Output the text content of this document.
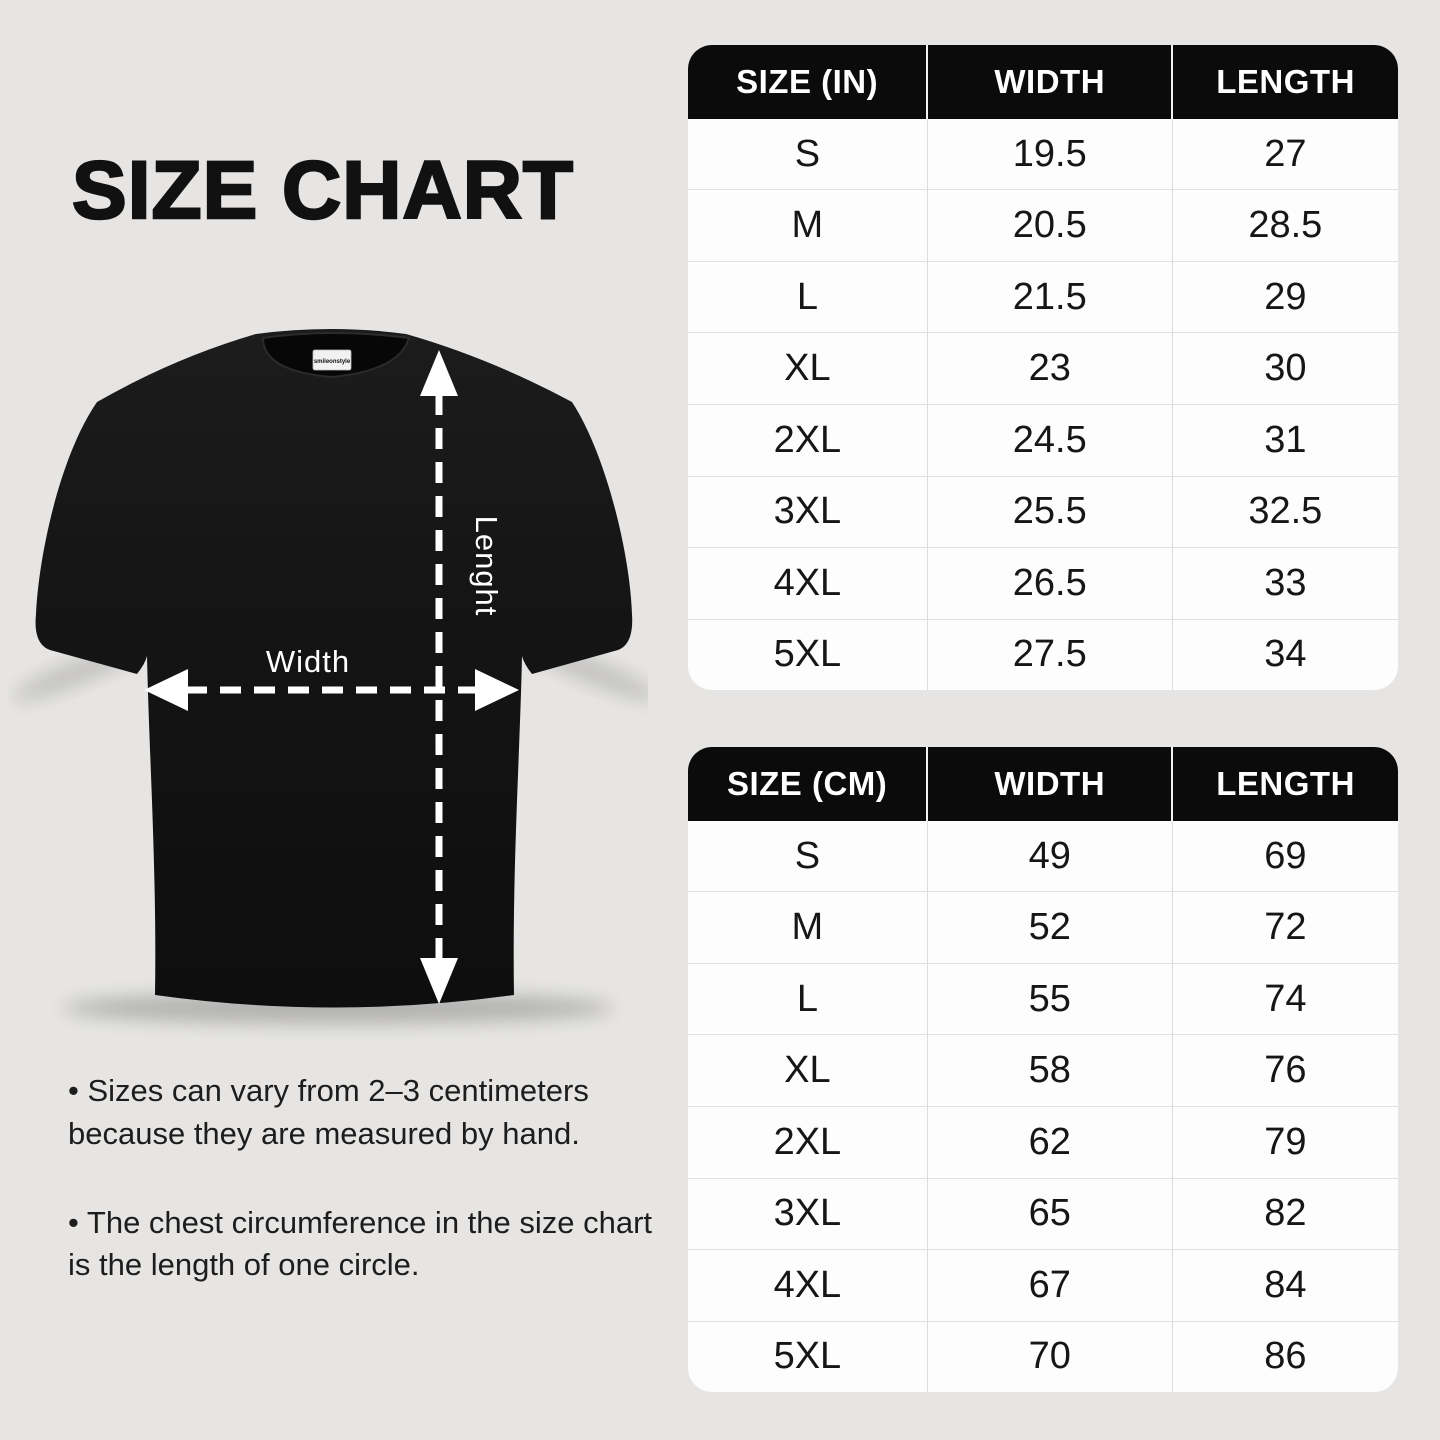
SIZE CHART
smileonstyle
Lenght
Width

• Sizes can vary from 2–3 centimeters because they are measured by hand.

• The chest circumference in the size chart is the length of one circle.

SIZE (IN)	WIDTH	LENGTH
S	19.5	27
M	20.5	28.5
L	21.5	29
XL	23	30
2XL	24.5	31
3XL	25.5	32.5
4XL	26.5	33
5XL	27.5	34
SIZE (CM)	WIDTH	LENGTH
S	49	69
M	52	72
L	55	74
XL	58	76
2XL	62	79
3XL	65	82
4XL	67	84
5XL	70	86
